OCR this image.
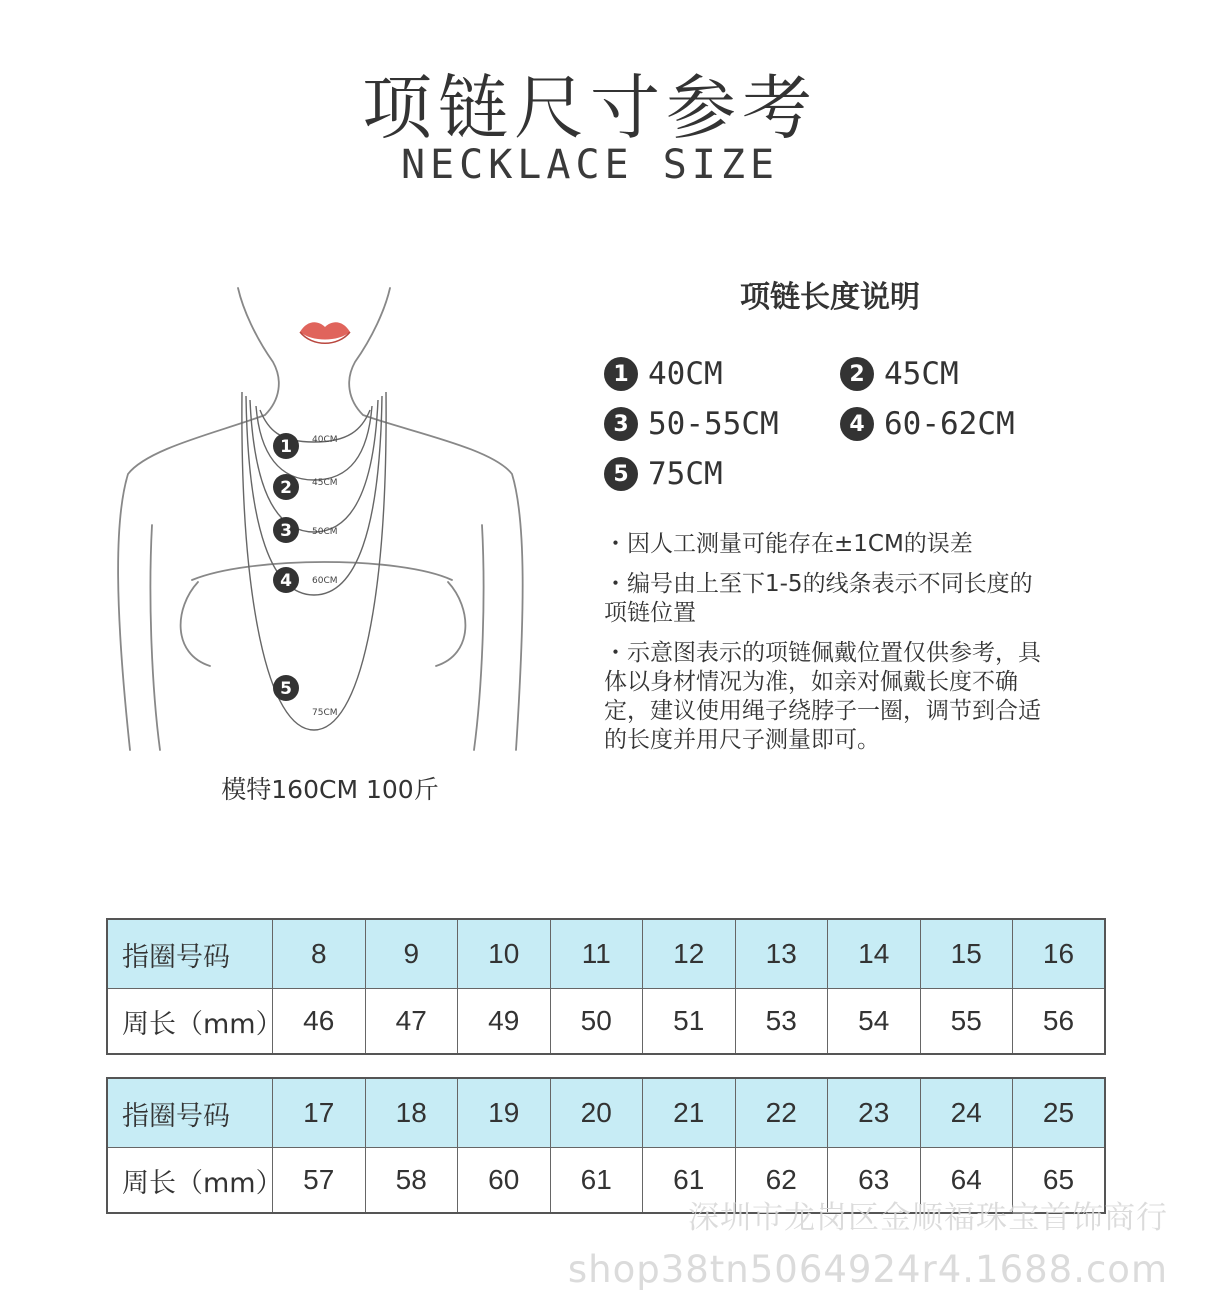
项链尺寸参考
NECKLACE SIZE
1 40CM
2 45CM
3 50CM
4 60CM
5
75CM
模特160CM 100斤
项链长度说明
1 40CM	2 45CM
3 50-55CM	4 60-62CM
5 75CM
・因人工测量可能存在±1CM的误差
・编号由上至下1-5的线条表示不同长度的项链位置
・示意图表示的项链佩戴位置仅供参考，具体以身材情况为准，如亲对佩戴长度不确定，建议使用绳子绕脖子一圈，调节到合适的长度并用尺子测量即可。
指圈号码	8	9	10	11	12	13	14	15	16
周长（mm）	46	47	49	50	51	53	54	55	56
指圈号码	17	18	19	20	21	22	23	24	25
周长（mm）	57	58	60	61	61	62	63	64	65
深圳市龙岗区金顺福珠宝首饰商行
shop38tn5064924r4.1688.com
